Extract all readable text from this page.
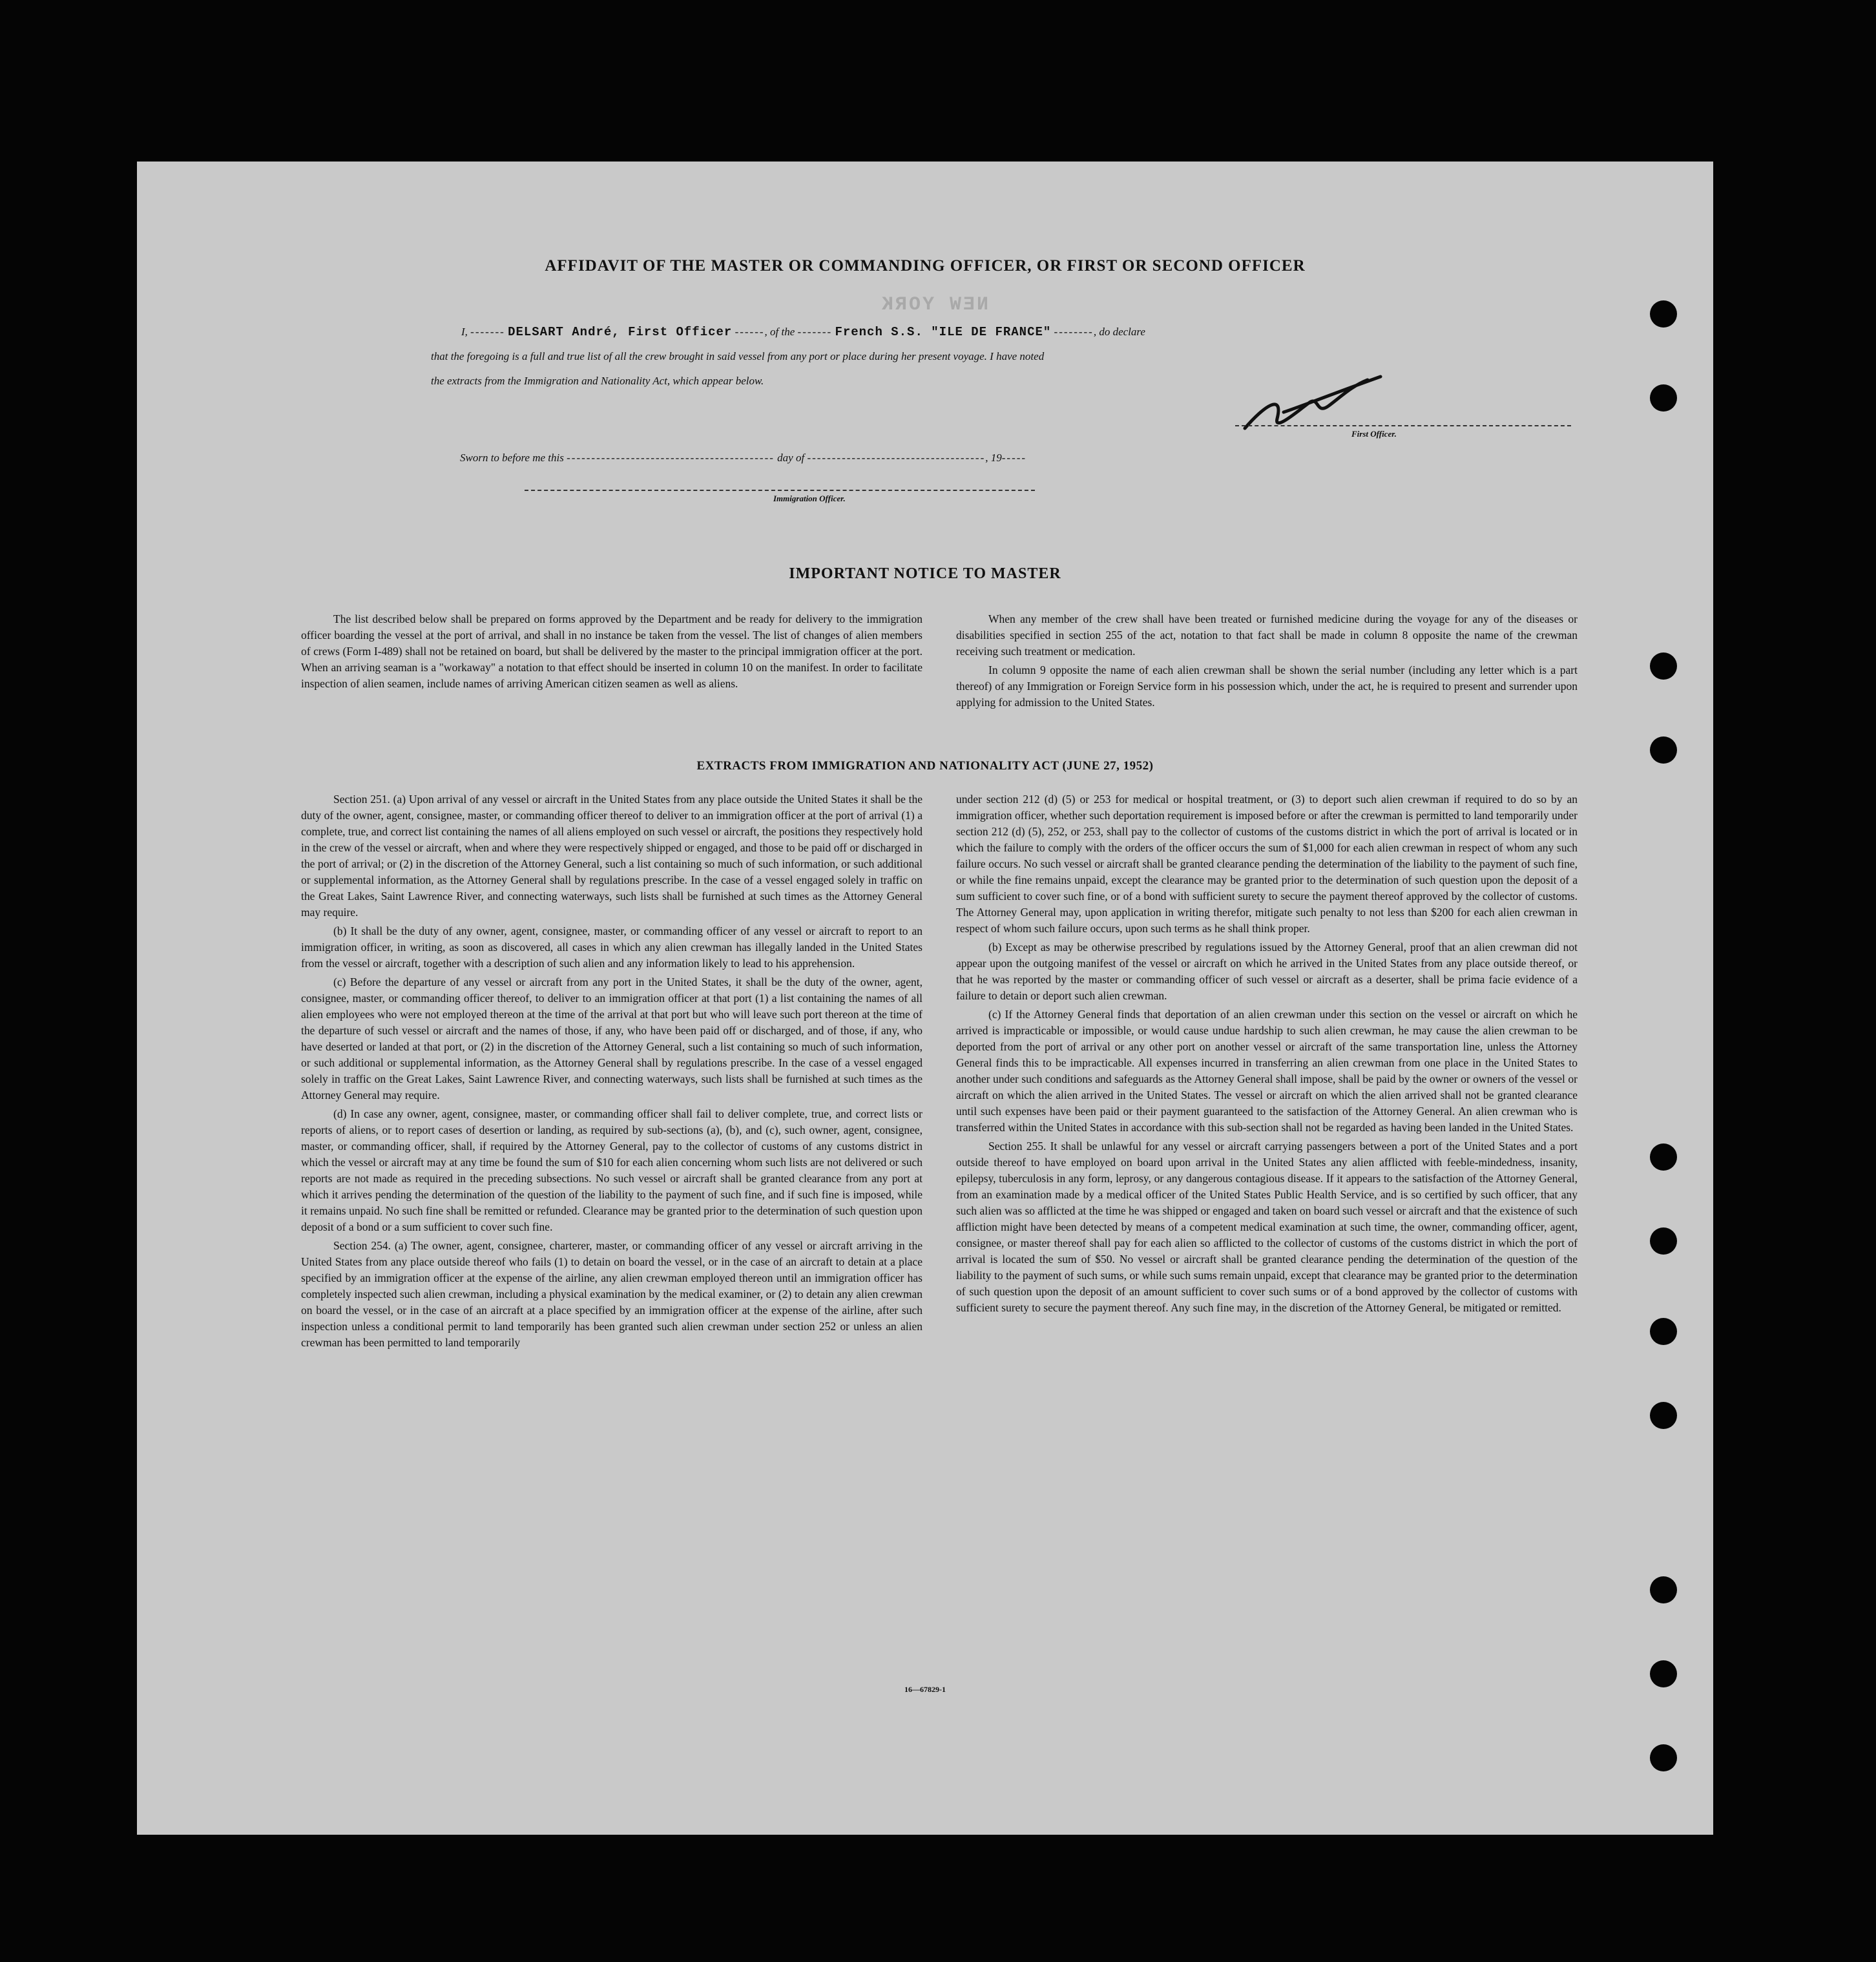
NEW YORK
AFFIDAVIT OF THE MASTER OR COMMANDING OFFICER, OR FIRST OR SECOND OFFICER
I, ------- DELSART André, First Officer ------, of the ------- French S.S. "ILE DE FRANCE" --------, do declare
that the foregoing is a full and true list of all the crew brought in said vessel from any port or place during her present voyage. I have noted
the extracts from the Immigration and Nationality Act, which appear below.
First Officer.
Sworn to before me this ------------------------------------------ day of ------------------------------------, 19-----
Immigration Officer.
IMPORTANT NOTICE TO MASTER

The list described below shall be prepared on forms approved by the Department and be ready for delivery to the immigration officer boarding the vessel at the port of arrival, and shall in no instance be taken from the vessel. The list of changes of alien members of crews (Form I-489) shall not be retained on board, but shall be delivered by the master to the principal immigration officer at the port. When an arriving seaman is a "workaway" a notation to that effect should be inserted in column 10 on the manifest. In order to facilitate inspection of alien seamen, include names of arriving American citizen seamen as well as aliens.

When any member of the crew shall have been treated or furnished medicine during the voyage for any of the diseases or disabilities specified in section 255 of the act, notation to that fact shall be made in column 8 opposite the name of the crewman receiving such treatment or medication.

In column 9 opposite the name of each alien crewman shall be shown the serial number (including any letter which is a part thereof) of any Immigration or Foreign Service form in his possession which, under the act, he is required to present and surrender upon applying for admission to the United States.

EXTRACTS FROM IMMIGRATION AND NATIONALITY ACT (JUNE 27, 1952)

Section 251. (a) Upon arrival of any vessel or aircraft in the United States from any place outside the United States it shall be the duty of the owner, agent, consignee, master, or commanding officer thereof to deliver to an immigration officer at the port of arrival (1) a complete, true, and correct list containing the names of all aliens employed on such vessel or aircraft, the positions they respectively hold in the crew of the vessel or aircraft, when and where they were respectively shipped or engaged, and those to be paid off or discharged in the port of arrival; or (2) in the discretion of the Attorney General, such a list containing so much of such information, or such additional or supplemental information, as the Attorney General shall by regulations prescribe. In the case of a vessel engaged solely in traffic on the Great Lakes, Saint Lawrence River, and connecting waterways, such lists shall be furnished at such times as the Attorney General may require.

(b) It shall be the duty of any owner, agent, consignee, master, or commanding officer of any vessel or aircraft to report to an immigration officer, in writing, as soon as discovered, all cases in which any alien crewman has illegally landed in the United States from the vessel or aircraft, together with a description of such alien and any information likely to lead to his apprehension.

(c) Before the departure of any vessel or aircraft from any port in the United States, it shall be the duty of the owner, agent, consignee, master, or commanding officer thereof, to deliver to an immigration officer at that port (1) a list containing the names of all alien employees who were not employed thereon at the time of the arrival at that port but who will leave such port thereon at the time of the departure of such vessel or aircraft and the names of those, if any, who have been paid off or discharged, and of those, if any, who have deserted or landed at that port, or (2) in the discretion of the Attorney General, such a list containing so much of such information, or such additional or supplemental information, as the Attorney General shall by regulations prescribe. In the case of a vessel engaged solely in traffic on the Great Lakes, Saint Lawrence River, and connecting waterways, such lists shall be furnished at such times as the Attorney General may require.

(d) In case any owner, agent, consignee, master, or commanding officer shall fail to deliver complete, true, and correct lists or reports of aliens, or to report cases of desertion or landing, as required by sub-sections (a), (b), and (c), such owner, agent, consignee, master, or commanding officer, shall, if required by the Attorney General, pay to the collector of customs of any customs district in which the vessel or aircraft may at any time be found the sum of $10 for each alien concerning whom such lists are not delivered or such reports are not made as required in the preceding subsections. No such vessel or aircraft shall be granted clearance from any port at which it arrives pending the determination of the question of the liability to the payment of such fine, and if such fine is imposed, while it remains unpaid. No such fine shall be remitted or refunded. Clearance may be granted prior to the determination of such question upon deposit of a bond or a sum sufficient to cover such fine.

Section 254. (a) The owner, agent, consignee, charterer, master, or commanding officer of any vessel or aircraft arriving in the United States from any place outside thereof who fails (1) to detain on board the vessel, or in the case of an aircraft to detain at a place specified by an immigration officer at the expense of the airline, any alien crewman employed thereon until an immigration officer has completely inspected such alien crewman, including a physical examination by the medical examiner, or (2) to detain any alien crewman on board the vessel, or in the case of an aircraft at a place specified by an immigration officer at the expense of the airline, after such inspection unless a conditional permit to land temporarily has been granted such alien crewman under section 252 or unless an alien crewman has been permitted to land temporarily

under section 212 (d) (5) or 253 for medical or hospital treatment, or (3) to deport such alien crewman if required to do so by an immigration officer, whether such deportation requirement is imposed before or after the crewman is permitted to land temporarily under section 212 (d) (5), 252, or 253, shall pay to the collector of customs of the customs district in which the port of arrival is located or in which the failure to comply with the orders of the officer occurs the sum of $1,000 for each alien crewman in respect of whom any such failure occurs. No such vessel or aircraft shall be granted clearance pending the determination of the liability to the payment of such fine, or while the fine remains unpaid, except the clearance may be granted prior to the determination of such question upon the deposit of a sum sufficient to cover such fine, or of a bond with sufficient surety to secure the payment thereof approved by the collector of customs. The Attorney General may, upon application in writing therefor, mitigate such penalty to not less than $200 for each alien crewman in respect of whom such failure occurs, upon such terms as he shall think proper.

(b) Except as may be otherwise prescribed by regulations issued by the Attorney General, proof that an alien crewman did not appear upon the outgoing manifest of the vessel or aircraft on which he arrived in the United States from any place outside thereof, or that he was reported by the master or commanding officer of such vessel or aircraft as a deserter, shall be prima facie evidence of a failure to detain or deport such alien crewman.

(c) If the Attorney General finds that deportation of an alien crewman under this section on the vessel or aircraft on which he arrived is impracticable or impossible, or would cause undue hardship to such alien crewman, he may cause the alien crewman to be deported from the port of arrival or any other port on another vessel or aircraft of the same transportation line, unless the Attorney General finds this to be impracticable. All expenses incurred in transferring an alien crewman from one place in the United States to another under such conditions and safeguards as the Attorney General shall impose, shall be paid by the owner or owners of the vessel or aircraft on which the alien arrived in the United States. The vessel or aircraft on which the alien arrived shall not be granted clearance until such expenses have been paid or their payment guaranteed to the satisfaction of the Attorney General. An alien crewman who is transferred within the United States in accordance with this sub-section shall not be regarded as having been landed in the United States.

Section 255. It shall be unlawful for any vessel or aircraft carrying passengers between a port of the United States and a port outside thereof to have employed on board upon arrival in the United States any alien afflicted with feeble-mindedness, insanity, epilepsy, tuberculosis in any form, leprosy, or any dangerous contagious disease. If it appears to the satisfaction of the Attorney General, from an examination made by a medical officer of the United States Public Health Service, and is so certified by such officer, that any such alien was so afflicted at the time he was shipped or engaged and taken on board such vessel or aircraft and that the existence of such affliction might have been detected by means of a competent medical examination at such time, the owner, commanding officer, agent, consignee, or master thereof shall pay for each alien so afflicted to the collector of customs of the customs district in which the port of arrival is located the sum of $50. No vessel or aircraft shall be granted clearance pending the determination of the question of the liability to the payment of such sums, or while such sums remain unpaid, except that clearance may be granted prior to the determination of such question upon the deposit of an amount sufficient to cover such sums or of a bond approved by the collector of customs with sufficient surety to secure the payment thereof. Any such fine may, in the discretion of the Attorney General, be mitigated or remitted.

16—67829-1
